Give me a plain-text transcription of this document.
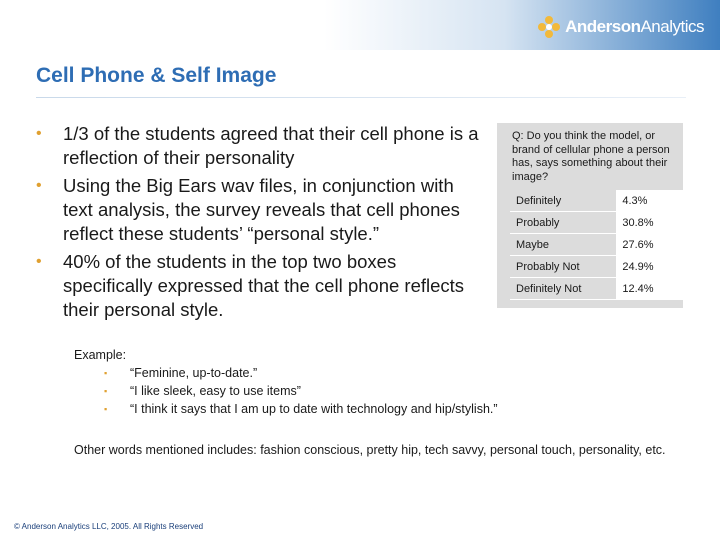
AndersonAnalytics
Cell Phone & Self Image
• 1/3 of the students agreed that their cell phone is a reflection of their personality
• Using the Big Ears wav files, in conjunction with text analysis, the survey reveals that cell phones reflect these students’ “personal style.”
• 40% of the students in the top two boxes specifically expressed that the cell phone reflects their personal style.
Q: Do you think the model, or brand of cellular phone a person has, says something about their image?
Definitely	4.3%
Probably	30.8%
Maybe	27.6%
Probably Not	24.9%
Definitely Not	12.4%
Example:
▪ “Feminine, up-to-date.”
▪ “I like sleek, easy to use items”
▪ “I think it says that I am up to date with technology and hip/stylish.”
Other words mentioned includes: fashion conscious, pretty hip, tech savvy, personal touch, personality, etc.
© Anderson Analytics LLC, 2005. All Rights Reserved
